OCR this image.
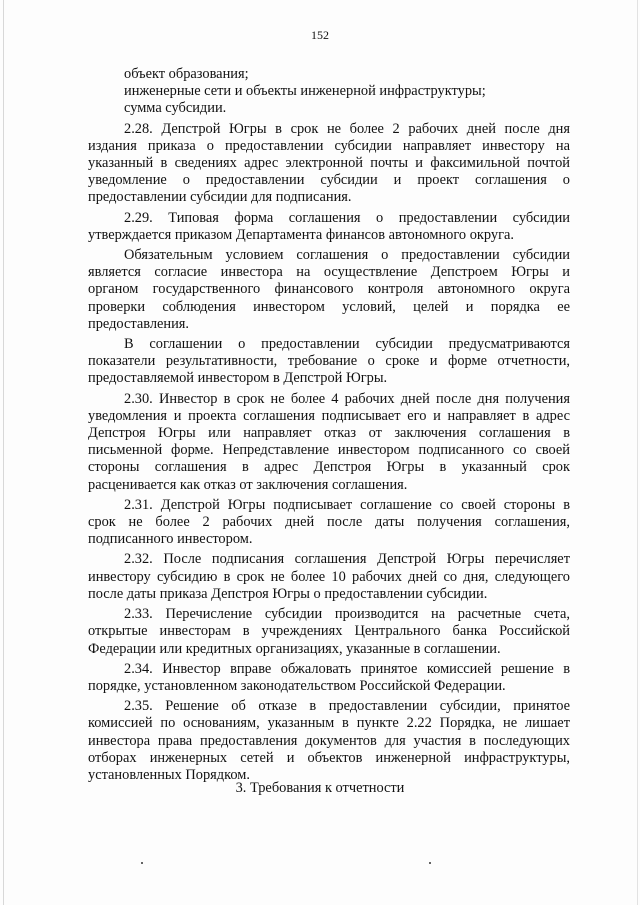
152
объект образования;
инженерные сети и объекты инженерной инфраструктуры;
сумма субсидии.
2.28. Депстрой Югры в срок не более 2 рабочих дней после дня
издания приказа о предоставлении субсидии направляет инвестору на
указанный в сведениях адрес электронной почты и факсимильной почтой
уведомление о предоставлении субсидии и проект соглашения о
предоставлении субсидии для подписания.
2.29. Типовая форма соглашения о предоставлении субсидии
утверждается приказом Департамента финансов автономного округа.
Обязательным условием соглашения о предоставлении субсидии
является согласие инвестора на осуществление Депстроем Югры и
органом государственного финансового контроля автономного округа
проверки соблюдения инвестором условий, целей и порядка ее
предоставления.
В соглашении о предоставлении субсидии предусматриваются
показатели результативности, требование о сроке и форме отчетности,
предоставляемой инвестором в Депстрой Югры.
2.30. Инвестор в срок не более 4 рабочих дней после дня получения
уведомления и проекта соглашения подписывает его и направляет в адрес
Депстроя Югры или направляет отказ от заключения соглашения в
письменной форме. Непредставление инвестором подписанного со своей
стороны соглашения в адрес Депстроя Югры в указанный срок
расценивается как отказ от заключения соглашения.
2.31. Депстрой Югры подписывает соглашение со своей стороны в
срок не более 2 рабочих дней после даты получения соглашения,
подписанного инвестором.
2.32. После подписания соглашения Депстрой Югры перечисляет
инвестору субсидию в срок не более 10 рабочих дней со дня, следующего
после даты приказа Депстроя Югры о предоставлении субсидии.
2.33. Перечисление субсидии производится на расчетные счета,
открытые инвесторам в учреждениях Центрального банка Российской
Федерации или кредитных организациях, указанные в соглашении.
2.34. Инвестор вправе обжаловать принятое комиссией решение в
порядке, установленном законодательством Российской Федерации.
2.35. Решение об отказе в предоставлении субсидии, принятое
комиссией по основаниям, указанным в пункте 2.22 Порядка, не лишает
инвестора права предоставления документов для участия в последующих
отборах инженерных сетей и объектов инженерной инфраструктуры,
установленных Порядком.
3. Требования к отчетности
